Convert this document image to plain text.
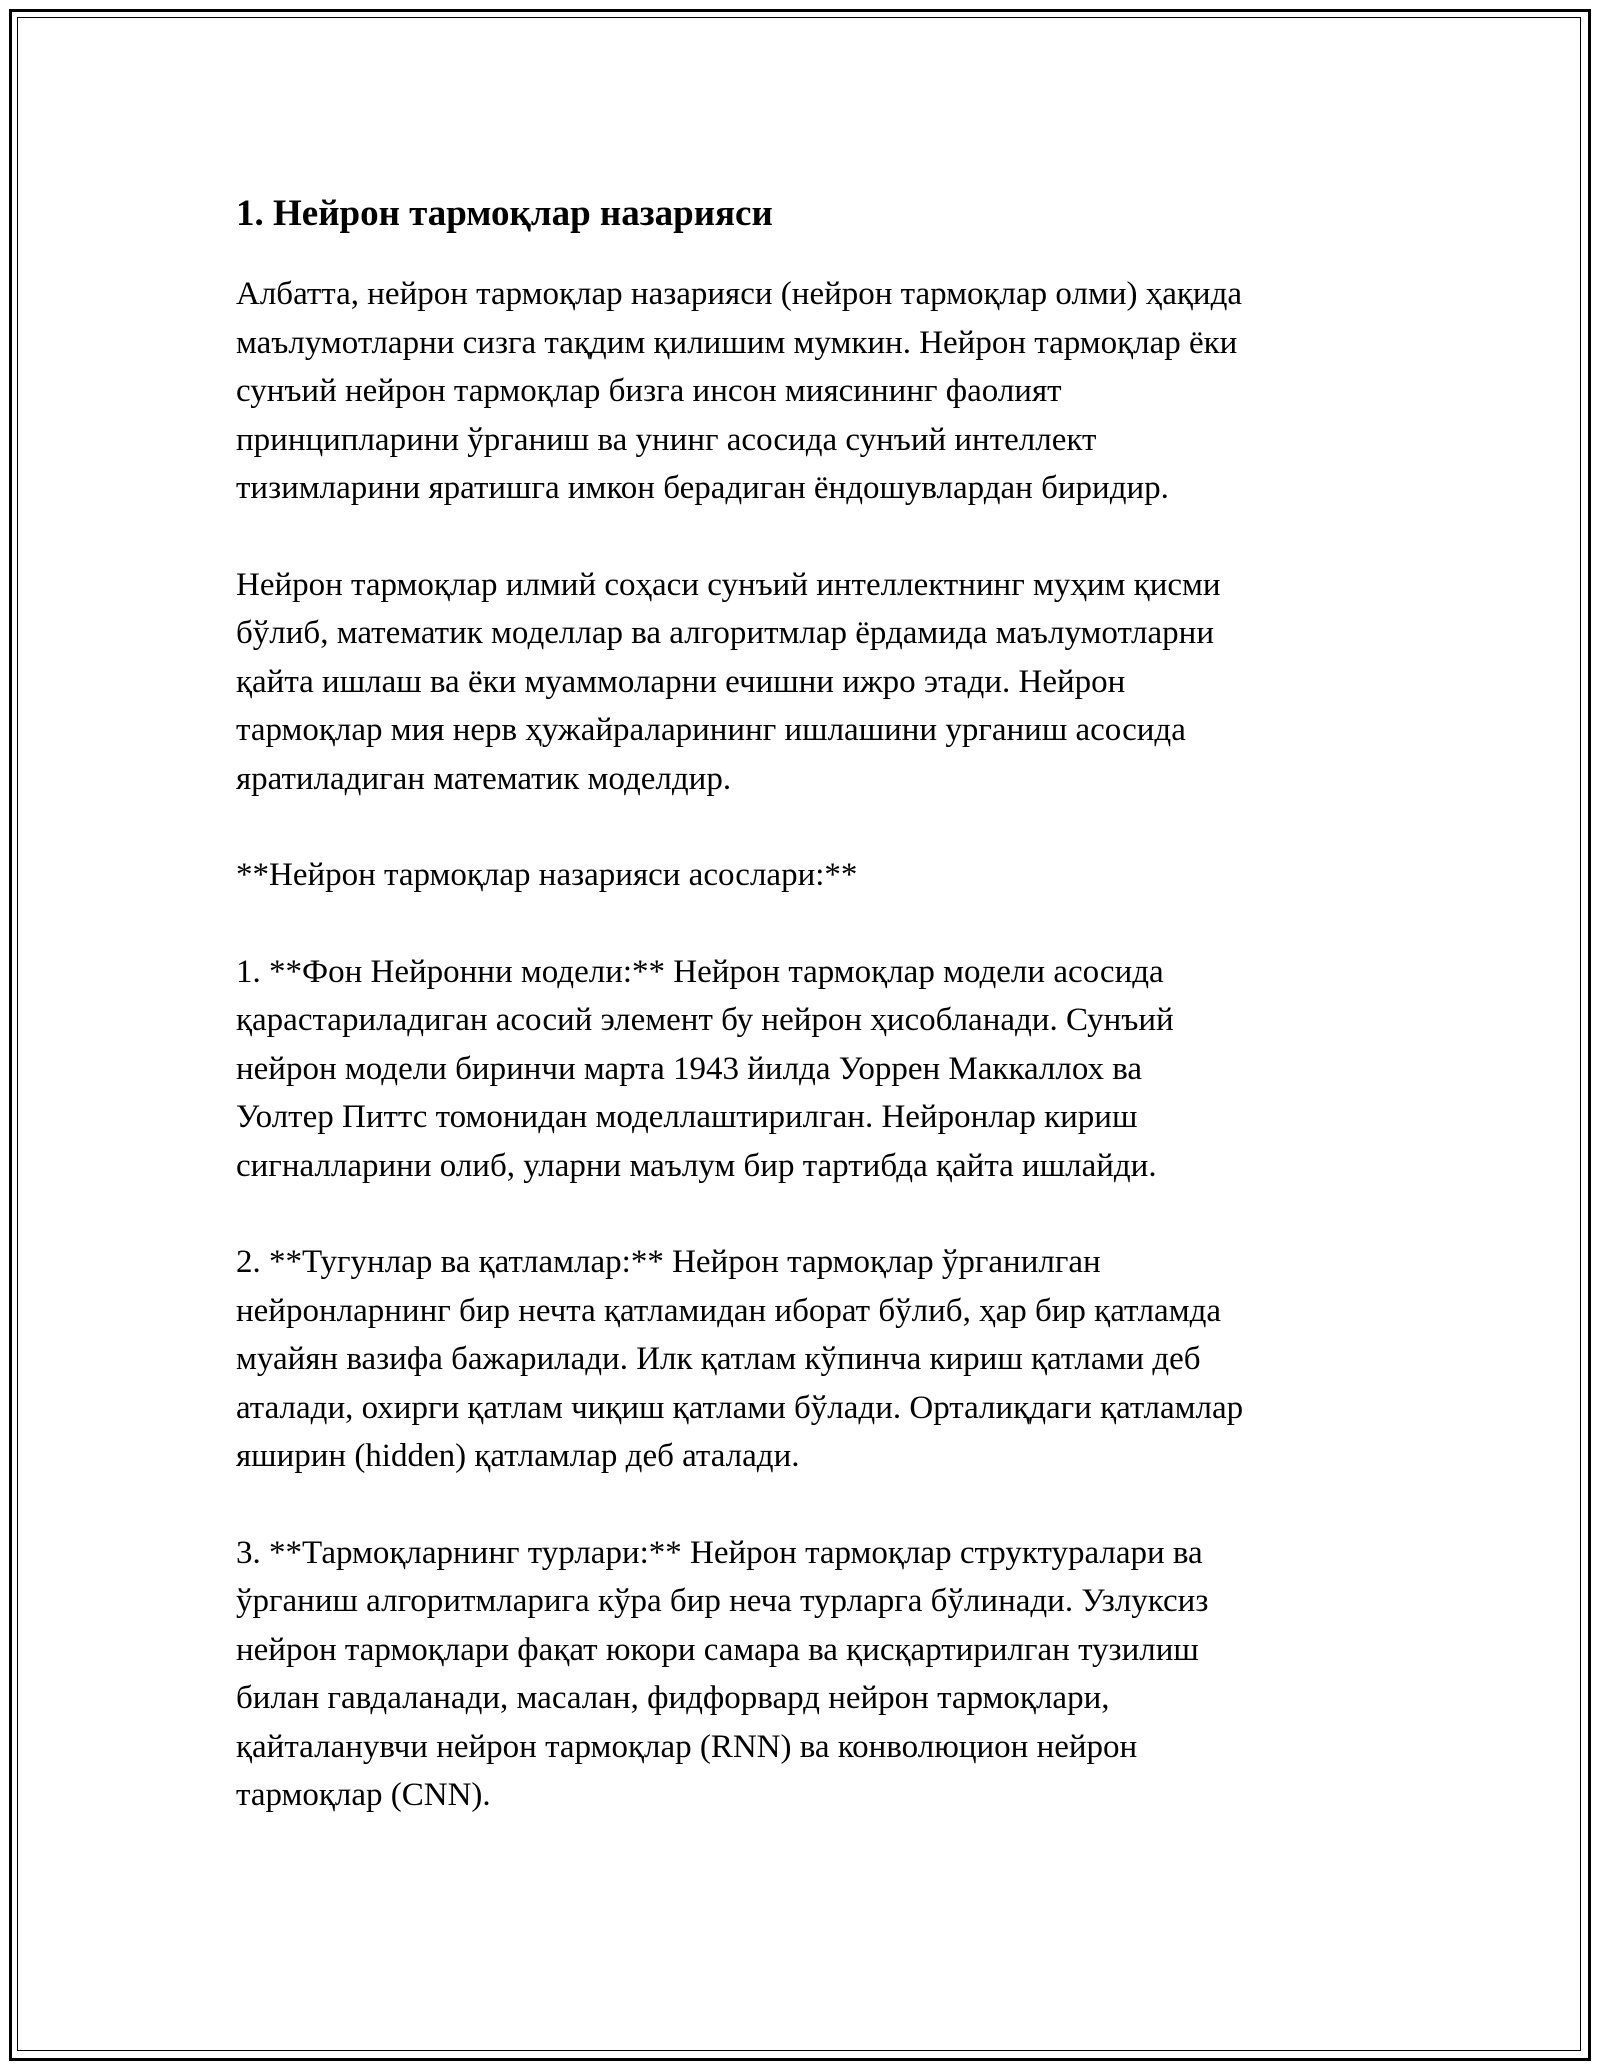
1. Нейрон тармоқлар назарияси

Албатта, нейрон тармоқлар назарияси (нейрон тармоқлар олми) ҳақида
маълумотларни сизга тақдим қилишим мумкин. Нейрон тармоқлар ёки
сунъий нейрон тармоқлар бизга инсон миясининг фаолият
принципларини ўрганиш ва унинг асосида сунъий интеллект
тизимларини яратишга имкон берадиган ёндошувлардан биридир.

Нейрон тармоқлар илмий соҳаси сунъий интеллектнинг муҳим қисми
бўлиб, математик моделлар ва алгоритмлар ёрдамида маълумотларни
қайта ишлаш ва ёки муаммоларни ечишни ижро этади. Нейрон
тармоқлар мия нерв ҳужайраларининг ишлашини урганиш асосида
яратиладиган математик моделдир.

**Нейрон тармоқлар назарияси асослари:**

1. **Фон Нейронни модели:** Нейрон тармоқлар модели асосида
қарастариладиган асосий элемент бу нейрон ҳисобланади. Сунъий
нейрон модели биринчи марта 1943 йилда Уоррен Маккаллох ва
Уолтер Питтс томонидан моделлаштирилган. Нейронлар кириш
сигналларини олиб, уларни маълум бир тартибда қайта ишлайди.

2. **Тугунлар ва қатламлар:** Нейрон тармоқлар ўрганилган
нейронларнинг бир нечта қатламидан иборат бўлиб, ҳар бир қатламда
муайян вазифа бажарилади. Илк қатлам кўпинча кириш қатлами деб
аталади, охирги қатлам чиқиш қатлами бўлади. Орталиқдаги қатламлар
яширин (hidden) қатламлар деб аталади.

3. **Тармоқларнинг турлари:** Нейрон тармоқлар структуралари ва
ўрганиш алгоритмларига кўра бир неча турларга бўлинади. Узлуксиз
нейрон тармоқлари фақат юкори самара ва қисқартирилган тузилиш
билан гавдаланади, масалан, фидфорвард нейрон тармоқлари,
қайталанувчи нейрон тармоқлар (RNN) ва конволюцион нейрон
тармоқлар (CNN).
